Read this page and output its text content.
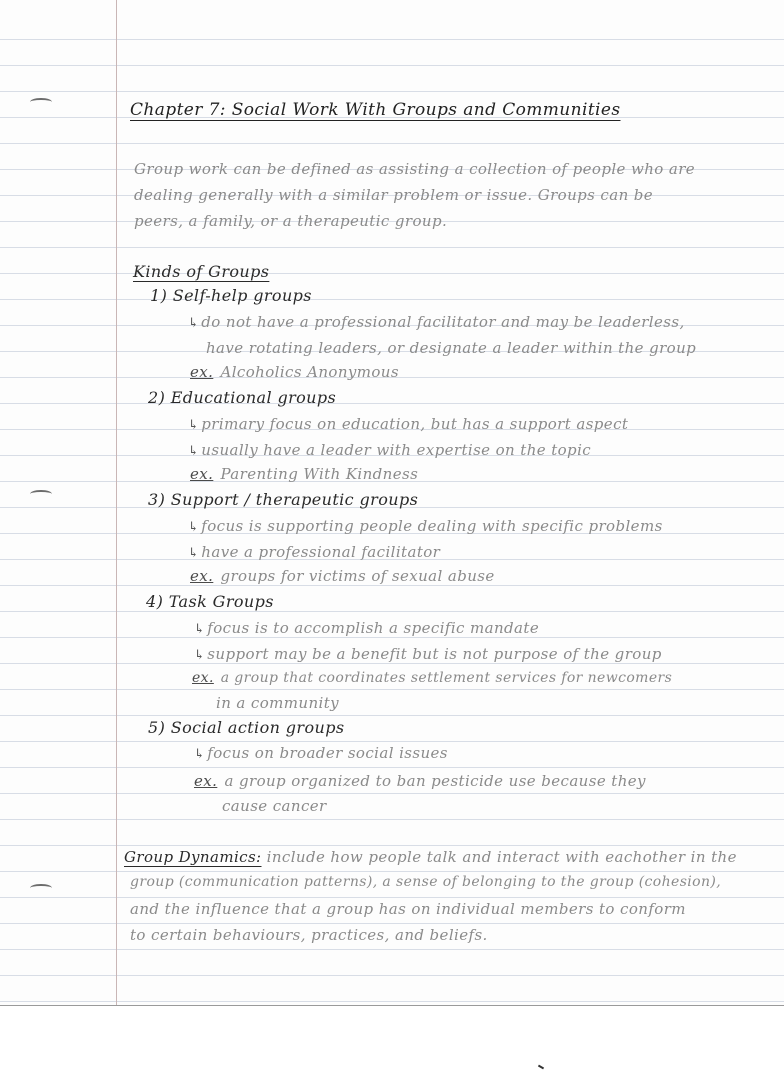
Chapter 7: Social Work With Groups and Communities
Group work can be defined as assisting a collection of people who are
dealing generally with a similar problem or issue. Groups can be
peers, a family, or a therapeutic group.
Kinds of Groups
1) Self-help groups
↳ do not have a professional facilitator and may be leaderless,
have rotating leaders, or designate a leader within the group
ex. Alcoholics Anonymous
2) Educational groups
↳ primary focus on education, but has a support aspect
↳ usually have a leader with expertise on the topic
ex. Parenting With Kindness
3) Support / therapeutic groups
↳ focus is supporting people dealing with specific problems
↳ have a professional facilitator
ex. groups for victims of sexual abuse
4) Task Groups
↳ focus is to accomplish a specific mandate
↳ support may be a benefit but is not purpose of the group
ex. a group that coordinates settlement services for newcomers
in a community
5) Social action groups
↳ focus on broader social issues
ex. a group organized to ban pesticide use because they
cause cancer
Group Dynamics: include how people talk and interact with eachother in the
group (communication patterns), a sense of belonging to the group (cohesion),
and the influence that a group has on individual members to conform
to certain behaviours, practices, and beliefs.
